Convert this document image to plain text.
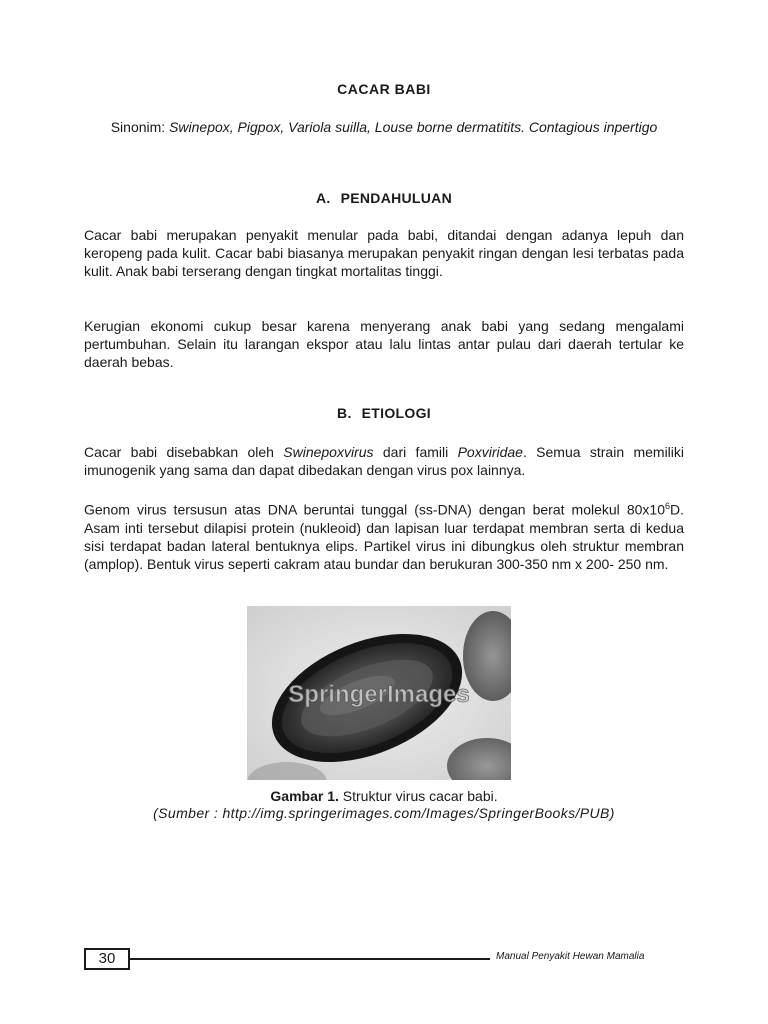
CACAR BABI
Sinonim: Swinepox, Pigpox, Variola suilla, Louse borne dermatitits. Contagious inpertigo
A. PENDAHULUAN

Cacar babi merupakan penyakit menular pada babi, ditandai dengan adanya lepuh dan keropeng pada kulit. Cacar babi biasanya merupakan penyakit ringan dengan lesi terbatas pada kulit. Anak babi terserang dengan tingkat mortalitas tinggi.

Kerugian ekonomi cukup besar karena menyerang anak babi yang sedang mengalami pertumbuhan. Selain itu larangan ekspor atau lalu lintas antar pulau dari daerah tertular ke daerah bebas.

B. ETIOLOGI

Cacar babi disebabkan oleh Swinepoxvirus dari famili Poxviridae. Semua strain memiliki imunogenik yang sama dan dapat dibedakan dengan virus pox lainnya.

Genom virus tersusun atas DNA beruntai tunggal (ss-DNA) dengan berat molekul $80x10^6D$. Asam inti tersebut dilapisi protein (nukleoid) dan lapisan luar terdapat membran serta di kedua sisi terdapat badan lateral bentuknya elips. Partikel virus ini dibungkus oleh struktur membran (amplop). Bentuk virus seperti cakram atau bundar dan berukuran 300-350 nm x 200- 250 nm.

SpringerImages
Gambar 1. Struktur virus cacar babi.
(Sumber : http://img.springerimages.com/Images/SpringerBooks/PUB)
30	Manual Penyakit Hewan Mamalia
